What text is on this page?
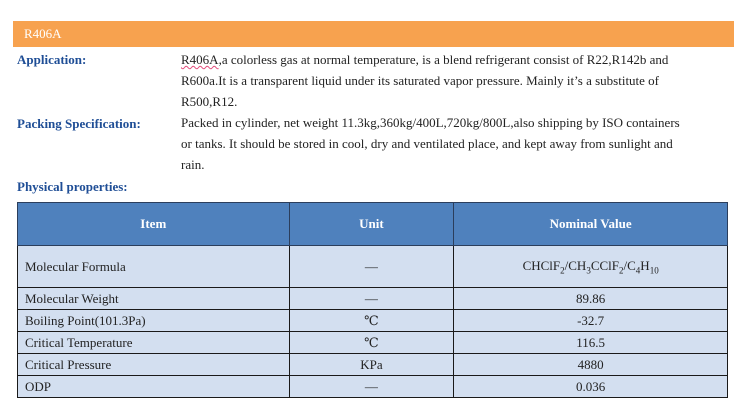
R406A
Application:	R406A,a colorless gas at normal temperature, is a blend refrigerant consist of R22,R142b and
R600a.It is a transparent liquid under its saturated vapor pressure. Mainly it’s a substitute of
R500,R12.
Packing Specification:	Packed in cylinder, net weight 11.3kg,360kg/400L,720kg/800L,also shipping by ISO containers
or tanks. It should be stored in cool, dry and ventilated place, and kept away from sunlight and
rain.
Physical properties:
Item	Unit	Nominal Value
Molecular Formula	—	$CHClF_2/CH_3CClF_2/C_4H_{10}$
Molecular Weight	—	89.86
Boiling Point(101.3Pa)	℃	-32.7
Critical Temperature	℃	116.5
Critical Pressure	KPa	4880
ODP	—	0.036
